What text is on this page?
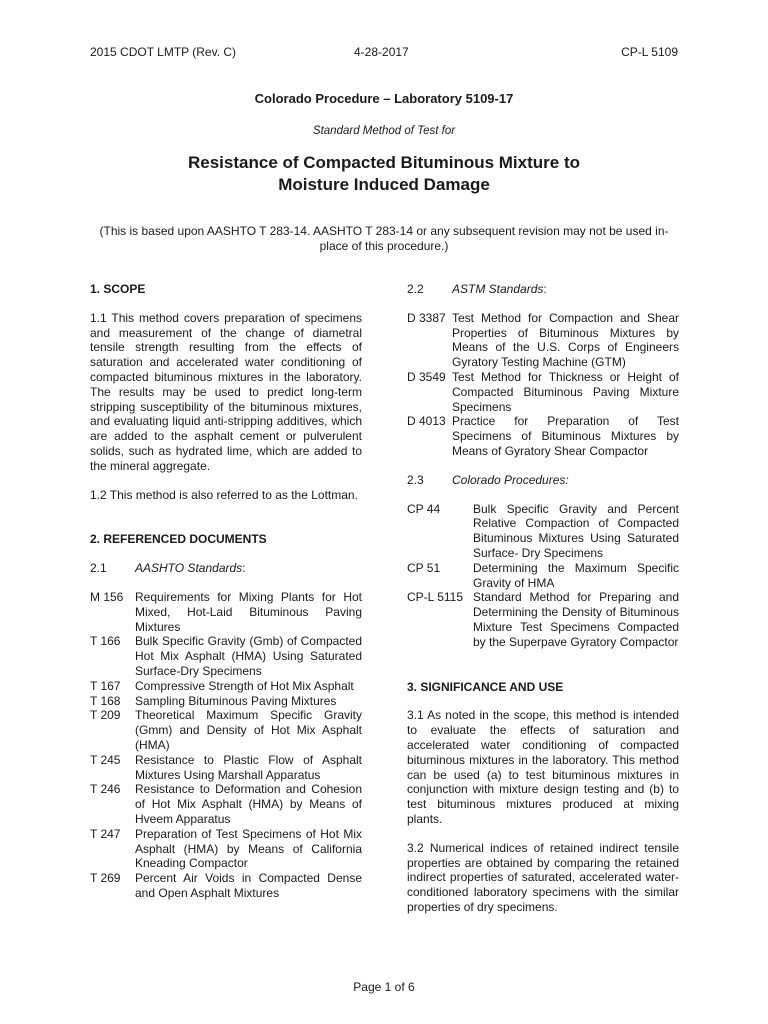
2015 CDOT LMTP (Rev. C)	4-28-2017	CP-L 5109
Colorado Procedure – Laboratory 5109-17
Standard Method of Test for
Resistance of Compacted Bituminous Mixture to
Moisture Induced Damage
(This is based upon AASHTO T 283-14. AASHTO T 283-14 or any subsequent revision may not be used in-place of this procedure.)
1. SCOPE

1.1 This method covers preparation of specimens and measurement of the change of diametral tensile strength resulting from the effects of saturation and accelerated water conditioning of compacted bituminous mixtures in the laboratory. The results may be used to predict long-term stripping susceptibility of the bituminous mixtures, and evaluating liquid anti-stripping additives, which are added to the asphalt cement or pulverulent solids, such as hydrated lime, which are added to the mineral aggregate.

1.2 This method is also referred to as the Lottman.

2. REFERENCED DOCUMENTS
2.1	AASHTO Standards :
M 156 Requirements for Mixing Plants for Hot Mixed, Hot-Laid Bituminous Paving Mixtures
T 166	Bulk Specific Gravity (Gmb) of Compacted Hot Mix Asphalt (HMA) Using Saturated Surface-Dry Specimens
T 167	Compressive Strength of Hot Mix Asphalt
T 168	Sampling Bituminous Paving Mixtures
T 209	Theoretical Maximum Specific Gravity (Gmm) and Density of Hot Mix Asphalt (HMA)
T 245	Resistance to Plastic Flow of Asphalt Mixtures Using Marshall Apparatus
T 246	Resistance to Deformation and Cohesion of Hot Mix Asphalt (HMA) by Means of Hveem Apparatus
T 247	Preparation of Test Specimens of Hot Mix Asphalt (HMA) by Means of California Kneading Compactor
T 269	Percent Air Voids in Compacted Dense and Open Asphalt Mixtures
2.2	ASTM Standards :
D 3387 Test Method for Compaction and Shear Properties of Bituminous Mixtures by Means of the U.S. Corps of Engineers Gyratory Testing Machine (GTM)
D 3549 Test Method for Thickness or Height of Compacted Bituminous Paving Mixture Specimens
D 4013 Practice for Preparation of Test Specimens of Bituminous Mixtures by Means of Gyratory Shear Compactor
2.3	Colorado Procedures:
CP 44	Bulk Specific Gravity and Percent Relative Compaction of Compacted Bituminous Mixtures Using Saturated Surface- Dry Specimens
CP 51	Determining the Maximum Specific Gravity of HMA
CP-L 5115 Standard Method for Preparing and Determining the Density of Bituminous Mixture Test Specimens Compacted by the Superpave Gyratory Compactor
3. SIGNIFICANCE AND USE

3.1 As noted in the scope, this method is intended to evaluate the effects of saturation and accelerated water conditioning of compacted bituminous mixtures in the laboratory. This method can be used (a) to test bituminous mixtures in conjunction with mixture design testing and (b) to test bituminous mixtures produced at mixing plants.

3.2 Numerical indices of retained indirect tensile properties are obtained by comparing the retained indirect properties of saturated, accelerated water-conditioned laboratory specimens with the similar properties of dry specimens.

Page 1 of 6
